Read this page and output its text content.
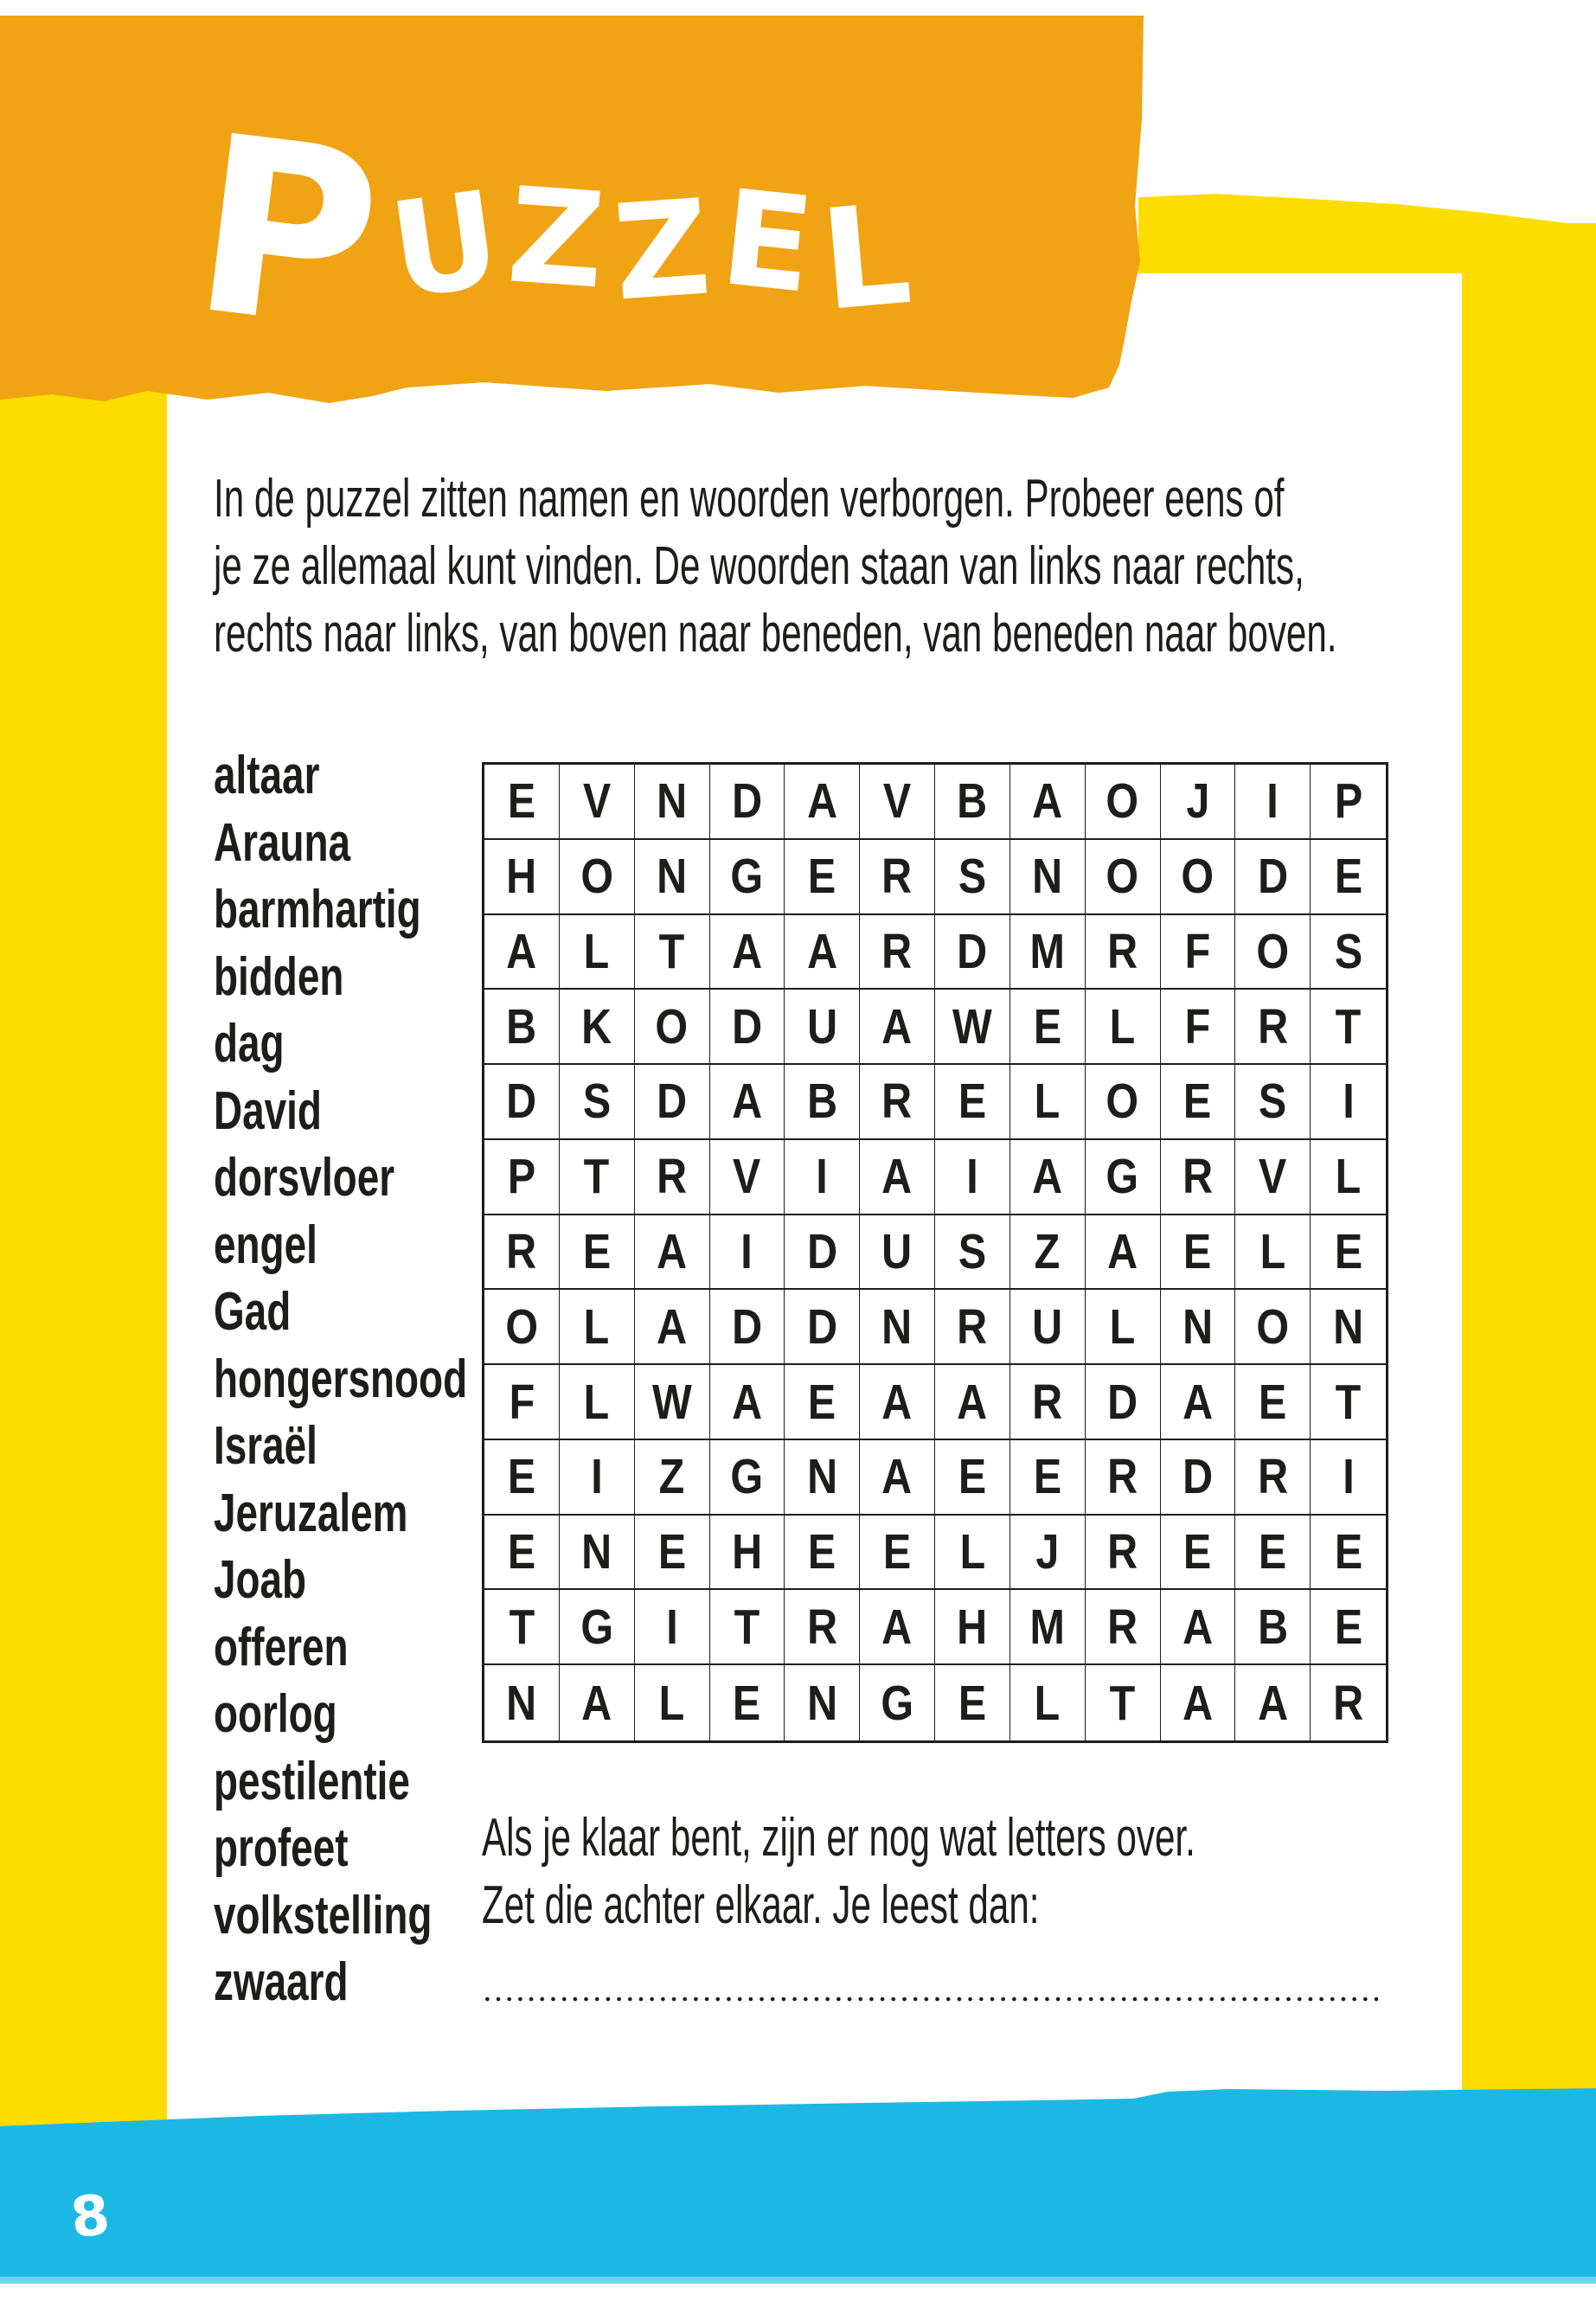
P
U
Z Z E
L
In de puzzel zitten namen en woorden verborgen. Probeer eens of
je ze allemaal kunt vinden. De woorden staan van links naar rechts,
rechts naar links, van boven naar beneden, van beneden naar boven.
altaar
Arauna
barmhartig
bidden
dag
David
dorsvloer
engel
Gad
hongersnood
Israël
Jeruzalem
Joab
offeren
oorlog
pestilentie
profeet
volkstelling
zwaard
E V N D A V B A O J I P
H O N G E R S N O O D E
A L T A A R D M R F O S
B K O D U A W E L F R T
D S D A B R E L O E S I
P T R V I A I A G R V L
R E A I D U S Z A E L E
O L A D D N R U L N O N
F L W A E A A R D A E T
E I Z G N A E E R D R I
E N E H E E L J R E E E
T G I T R A H M R A B E
N A L E N G E L T A A R
Als je klaar bent, zijn er nog wat letters over.
Zet die achter elkaar. Je leest dan:
8
